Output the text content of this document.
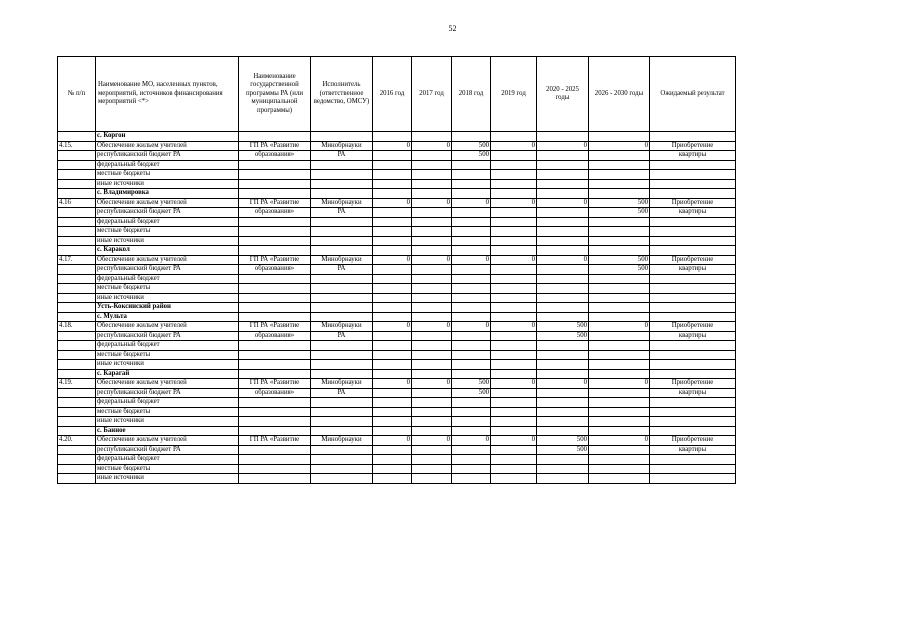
52
№ п/п	Наименование МО, населенных пунктов, мероприятий, источников финансирования мероприятий <*>	Наименование государственной программы РА (или муниципальной программы)	Исполнитель (ответственное ведомство, ОМСУ)	2016 год	2017 год	2018 год	2019 год	2020 - 2025 годы	2026 - 2030 годы	Ожидаемый результат
	с. Коргон									
4.15.	Обеспечение жильем учителей	ГП РА «Развитие	Минобрнауки	0	0	500	0	0	0	Приобретение
	республиканский бюджет РА	образования»	РА			500				квартиры
	федеральный бюджет									
	местные бюджеты									
	иные источники									
	с. Владимировка									
4.16	Обеспечение жильем учителей	ГП РА «Развитие	Минобрнауки	0	0	0	0	0	500	Приобретение
	республиканский бюджет РА	образования»	РА						500	квартиры
	федеральный бюджет									
	местные бюджеты									
	иные источники									
	с. Каракол									
4.17.	Обеспечение жильем учителей	ГП РА «Развитие	Минобрнауки	0	0	0	0	0	500	Приобретение
	республиканский бюджет РА	образования»	РА						500	квартиры
	федеральный бюджет									
	местные бюджеты									
	иные источники									
	Усть-Коксинский район									
	с. Мульта									
4.18.	Обеспечение жильем учителей	ГП РА «Развитие	Минобрнауки	0	0	0	0	500	0	Приобретение
	республиканский бюджет РА	образования»	РА					500		квартиры
	федеральный бюджет									
	местные бюджеты									
	иные источники									
	с. Карагай									
4.19.	Обеспечение жильем учителей	ГП РА «Развитие	Минобрнауки	0	0	500	0	0	0	Приобретение
	республиканский бюджет РА	образования»	РА			500				квартиры
	федеральный бюджет									
	местные бюджеты									
	иные источники									
	с. Банное									
4.20.	Обеспечение жильем учителей	ГП РА «Развитие	Минобрнауки	0	0	0	0	500	0	Приобретение
	республиканский бюджет РА							500		квартиры
	федеральный бюджет									
	местные бюджеты									
	иные источники									
